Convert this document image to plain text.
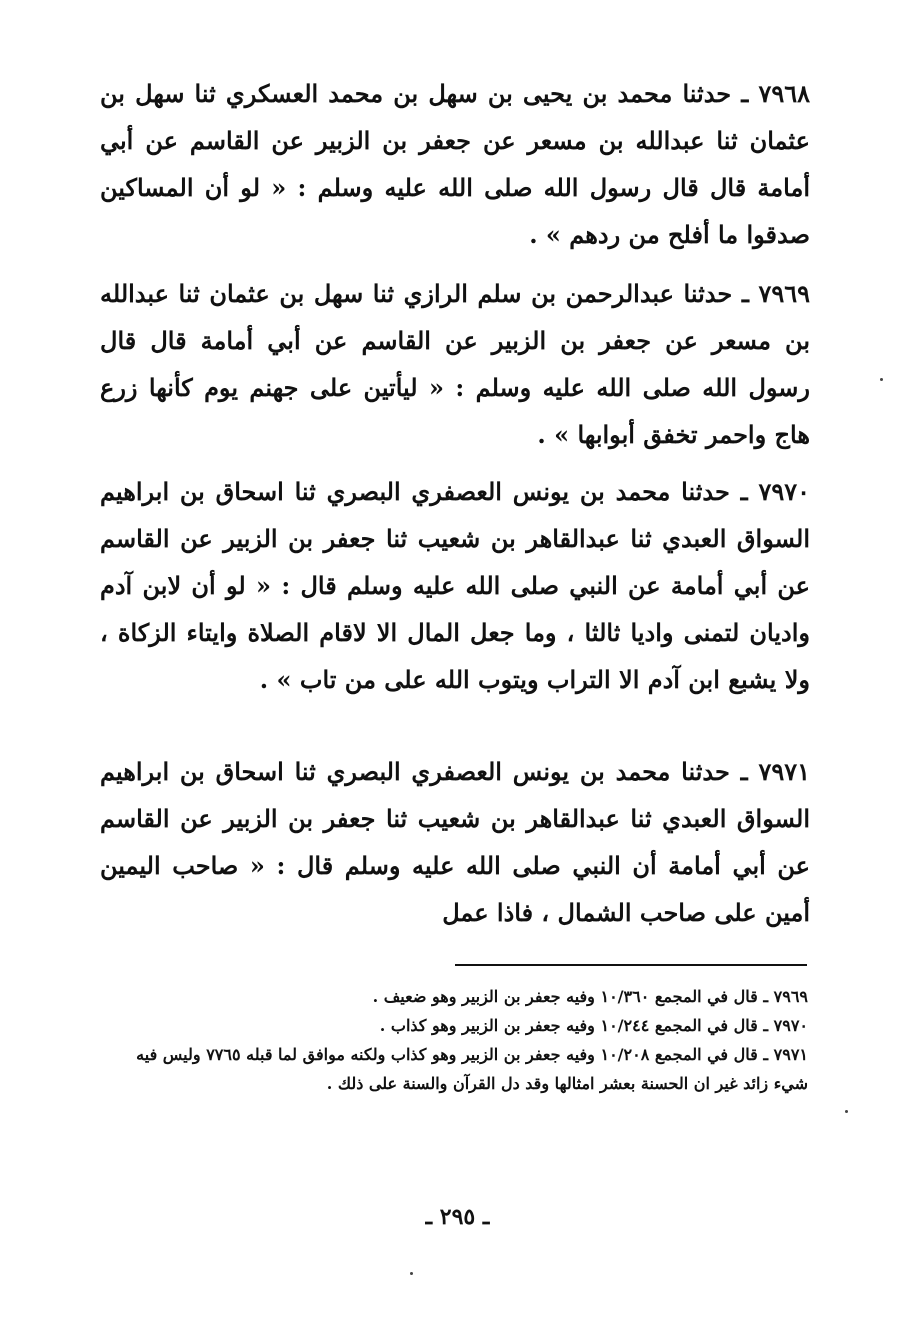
٧٩٦٨ ـ حدثنا محمد بن يحيى بن سهل بن محمد العسكري ثنا سهل بن عثمان ثنا عبدالله بن مسعر عن جعفر بن الزبير عن القاسم عن أبي أمامة قال قال رسول الله صلى الله عليه وسلم : « لو أن المساكين صدقوا ما أفلح من ردهم » .

٧٩٦٩ ـ حدثنا عبدالرحمن بن سلم الرازي ثنا سهل بن عثمان ثنا عبدالله بن مسعر عن جعفر بن الزبير عن القاسم عن أبي أمامة قال قال رسول الله صلى الله عليه وسلم : « ليأتين على جهنم يوم كأنها زرع هاج واحمر تخفق أبوابها » .

٧٩٧٠ ـ حدثنا محمد بن يونس العصفري البصري ثنا اسحاق بن ابراهيم السواق العبدي ثنا عبدالقاهر بن شعيب ثنا جعفر بن الزبير عن القاسم عن أبي أمامة عن النبي صلى الله عليه وسلم قال : « لو أن لابن آدم واديان لتمنى واديا ثالثا ، وما جعل المال الا لاقام الصلاة وايتاء الزكاة ، ولا يشبع ابن آدم الا التراب ويتوب الله على من تاب » .

٧٩٧١ ـ حدثنا محمد بن يونس العصفري البصري ثنا اسحاق بن ابراهيم السواق العبدي ثنا عبدالقاهر بن شعيب ثنا جعفر بن الزبير عن القاسم عن أبي أمامة أن النبي صلى الله عليه وسلم قال : « صاحب اليمين أمين على صاحب الشمال ، فاذا عمل

٧٩٦٩ ـ قال في المجمع ١٠/٣٦٠ وفيه جعفر بن الزبير وهو ضعيف .

٧٩٧٠ ـ قال في المجمع ١٠/٢٤٤ وفيه جعفر بن الزبير وهو كذاب .

٧٩٧١ ـ قال في المجمع ١٠/٢٠٨ وفيه جعفر بن الزبير وهو كذاب ولكنه موافق لما قبله ٧٧٦٥ وليس فيه شيء زائد غير ان الحسنة بعشر امثالها وقد دل القرآن والسنة على ذلك .

ـ ٢٩٥ ـ
